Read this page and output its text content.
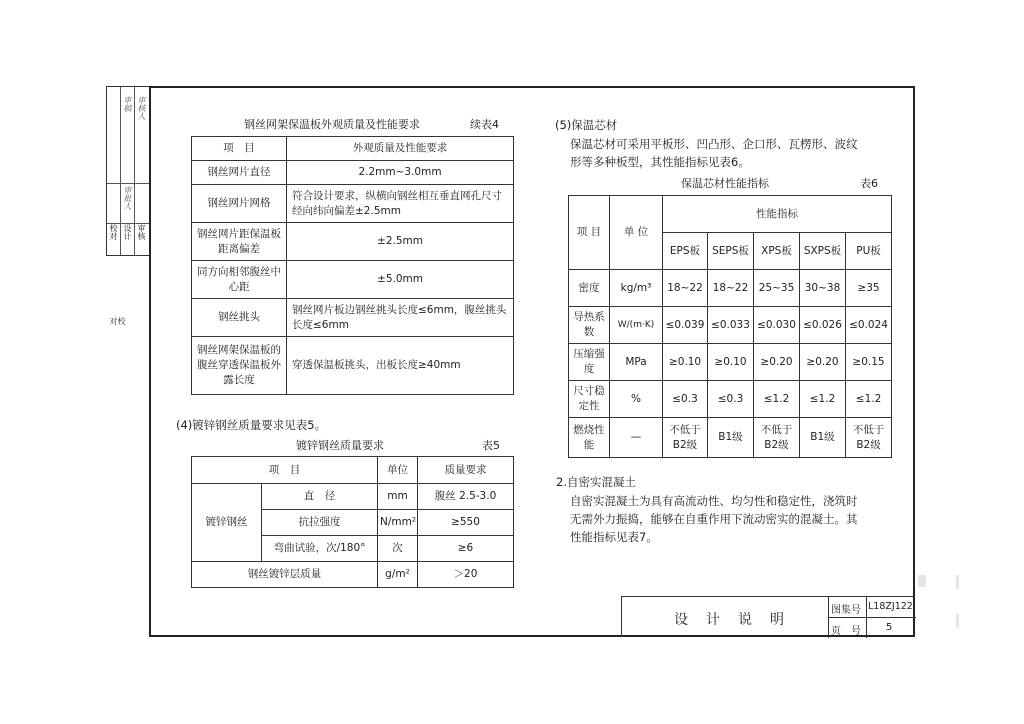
校对
校对 设计 审核
审稿 审核人
审批人
钢丝网架保温板外观质量及性能要求	续表4
项　目	外观质量及性能要求
钢丝网片直径	2.2mm~3.0mm
钢丝网片网格	符合设计要求，纵横向钢丝相互垂直网孔尺寸经向纬向偏差±2.5mm
钢丝网片距保温板距离偏差	±2.5mm
同方向相邻腹丝中心距	±5.0mm
钢丝挑头	钢丝网片板边钢丝挑头长度≤6mm，腹丝挑头长度≤6mm
钢丝网架保温板的腹丝穿透保温板外露长度	穿透保温板挑头，出板长度≥40mm
(4)镀锌钢丝质量要求见表5。
镀锌钢丝质量要求	表5
项　目		单位	质量要求
镀锌钢丝	直　径	mm	腹丝 2.5-3.0
	抗拉强度	N/mm²	≥550
	弯曲试验，次/180°	次	≥6
钢丝镀锌层质量		g/m²	＞20
(5)保温芯材
保温芯材可采用平板形、凹凸形、企口形、瓦楞形、波纹
形等多种板型，其性能指标见表6。
保温芯材性能指标	表6
项 目	单 位	性能指标				
		EPS板	SEPS板	XPS板	SXPS板	PU板
密度	kg/m³	18~22	18~22	25~35	30~38	≥35
导热系数	W/(m·K)	≤0.039	≤0.033	≤0.030	≤0.026	≤0.024
压缩强度	MPa	≥0.10	≥0.10	≥0.20	≥0.20	≥0.15
尺寸稳定性	%	≤0.3	≤0.3	≤1.2	≤1.2	≤1.2
燃烧性能	—	不低于B2级	B1级	不低于B2级	B1级	不低于B2级
2.自密实混凝土
自密实混凝土为具有高流动性、均匀性和稳定性，浇筑时
无需外力振捣，能够在自重作用下流动密实的混凝土。其
性能指标见表7。
设　计　说　明
图集号 L18ZJ122
页　号	5
